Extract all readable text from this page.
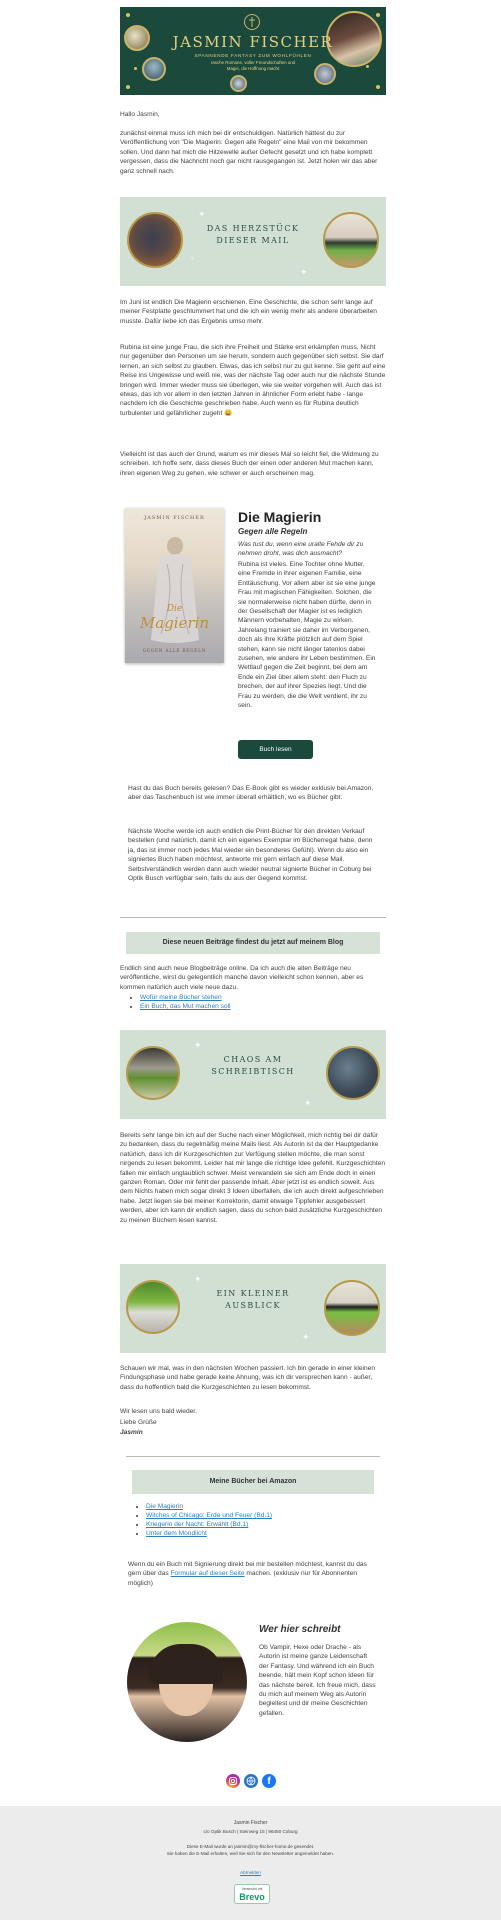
JASMIN FISCHER
SPANNENDE FANTASY ZUM WOHLFÜHLEN
rasche Romane, voller Freundschaften und
Magie, die Hoffnung macht

Hallo Jasmin,

zunächst einmal muss ich mich bei dir entschuldigen. Natürlich hättest du zur Veröffentlichung von "Die Magierin: Gegen alle Regeln" eine Mail von mir bekommen sollen. Und dann hat mich die Hitzewelle außer Gefecht gesetzt und ich habe komplett vergessen, dass die Nachricht noch gar nicht rausgegangen ist. Jetzt holen wir das aber ganz schnell nach.

✦
✦
✧
DAS HERZSTÜCK DIESER MAIL

Im Juni ist endlich Die Magierin erschienen. Eine Geschichte, die schon sehr lange auf meiner Festplatte geschlummert hat und die ich ein wenig mehr als andere überarbeiten musste. Dafür liebe ich das Ergebnis umso mehr.

Rubina ist eine junge Frau, die sich ihre Freiheit und Stärke erst erkämpfen muss. Nicht nur gegenüber den Personen um sie herum, sondern auch gegenüber sich selbst. Sie darf lernen, an sich selbst zu glauben. Etwas, das ich selbst nur zu gut kenne. Sie geht auf eine Reise ins Ungewisse und weiß nie, was der nächste Tag oder auch nur die nächste Stunde bringen wird. Immer wieder muss sie überlegen, wie sie weiter vorgehen will. Auch das ist etwas, das ich vor allem in den letzten Jahren in ähnlicher Form erlebt habe - lange nachdem ich die Geschichte geschrieben habe. Auch wenn es für Rubina deutlich turbulenter und gefährlicher zugeht 😄

Vielleicht ist das auch der Grund, warum es mir dieses Mal so leicht fiel, die Widmung zu schreiben. Ich hoffe sehr, dass dieses Buch der einen oder anderen Mut machen kann, ihren eigenen Weg zu gehen, wie schwer er auch erscheinen mag.

JASMIN FISCHER
Die
Magierin
GEGEN ALLE REGELN
Die Magierin
Gegen alle Regeln

Was tust du, wenn eine uralte Fehde dir zu nehmen droht, was dich ausmacht?

Rubina ist vieles. Eine Tochter ohne Mutter, eine Fremde in ihrer eigenen Familie, eine Enttäuschung. Vor allem aber ist sie eine junge Frau mit magischen Fähigkeiten. Solchen, die sie normalerweise nicht haben dürfte, denn in der Gesellschaft der Magier ist es lediglich Männern vorbehalten, Magie zu wirken. Jahrelang trainiert sie daher im Verborgenen, doch als ihre Kräfte plötzlich auf dem Spiel stehen, kann sie nicht länger tatenlos dabei zusehen, wie andere ihr Leben bestimmen. Ein Wettlauf gegen die Zeit beginnt, bei dem am Ende ein Ziel über allem steht: den Fluch zu brechen, der auf ihrer Spezies liegt. Und die Frau zu werden, die die Welt verdient, ihr zu sein.

Buch lesen

Hast du das Buch bereits gelesen? Das E-Book gibt es wieder exklusiv bei Amazon, aber das Taschenbuch ist wie immer überall erhältlich, wo es Bücher gibt.

Nächste Woche werde ich auch endlich die Print-Bücher für den direkten Verkauf bestellen (und natürlich, damit ich ein eigenes Exemplar im Bücherregal habe, denn ja, das ist immer noch jedes Mal wieder ein besonderes Gefühl). Wenn du also ein signiertes Buch haben möchtest, antworte mir gern einfach auf diese Mail. Selbstverständlich werden dann auch wieder neutral signierte Bücher in Coburg bei Optik Busch verfügbar sein, falls du aus der Gegend kommst.

Diese neuen Beiträge findest du jetzt auf meinem Blog

Endlich sind auch neue Blogbeiträge online. Da ich auch die alten Beiträge neu veröffentliche, wirst du gelegentlich manche davon vielleicht schon kennen, aber es kommen natürlich auch viele neue dazu.

• Wofür meine Bücher stehen
• Ein Buch, das Mut machen soll
✦
✦
CHAOS AM SCHREIBTISCH

Bereits sehr lange bin ich auf der Suche nach einer Möglichkeit, mich richtig bei dir dafür zu bedanken, dass du regelmäßig meine Mails liest. Als Autorin ist da der Hauptgedanke natürlich, dass ich dir Kurzgeschichten zur Verfügung stellen möchte, die man sonst nirgends zu lesen bekommt. Leider hat mir lange die richtige Idee gefehlt. Kurzgeschichten fallen mir einfach unglaublich schwer. Meist verwandeln sie sich am Ende doch in einen ganzen Roman. Oder mir fehlt der passende Inhalt. Aber jetzt ist es endlich soweit. Aus dem Nichts haben mich sogar direkt 3 Ideen überfallen, die ich auch direkt aufgeschrieben habe. Jetzt liegen sie bei meiner Korrektorin, damit etwaige Tippfehler ausgebessert werden, aber ich kann dir endlich sagen, dass du schon bald zusätzliche Kurzgeschichten zu meinen Büchern lesen kannst.

✦
✦
EIN KLEINER AUSBLICK

Schauen wir mal, was in den nächsten Wochen passiert. Ich bin gerade in einer kleinen Findungsphase und habe gerade keine Ahnung, was ich dir versprechen kann - außer, dass du hoffentlich bald die Kurzgeschichten zu lesen bekommst.

Wir lesen uns bald wieder.

Liebe Grüße

Jasmin

Meine Bücher bei Amazon
• Die Magierin
• Witches of Chicago: Erde und Feuer (Bd.1)
• Kriegerin der Nacht: Erwählt (Bd.1)
• Unter dem Mondlicht

Wenn du ein Buch mit Signierung direkt bei mir bestellen möchtest, kannst du das gern über das Formular auf dieser Seite machen. (exklusiv nur für Abonnenten möglich)

Wer hier schreibt

Ob Vampir, Hexe oder Drache - als Autorin ist meine ganze Leidenschaft der Fantasy. Und während ich ein Buch beende, hält mein Kopf schon Ideen für das nächste bereit. Ich freue mich, dass du mich auf meinem Weg als Autorin begleitest und dir meine Geschichten gefallen.

f
Jasmin Fischer
c/o Optik Busch | Steinweg 15 | 96450 Coburg
Diese E-Mail wurde an jasmin@my-fischer-home.de gesendet.
Sie haben die E-Mail erhalten, weil Sie sich für den Newsletter angemeldet haben.
Abmelden
Versendet mit
Brevo
